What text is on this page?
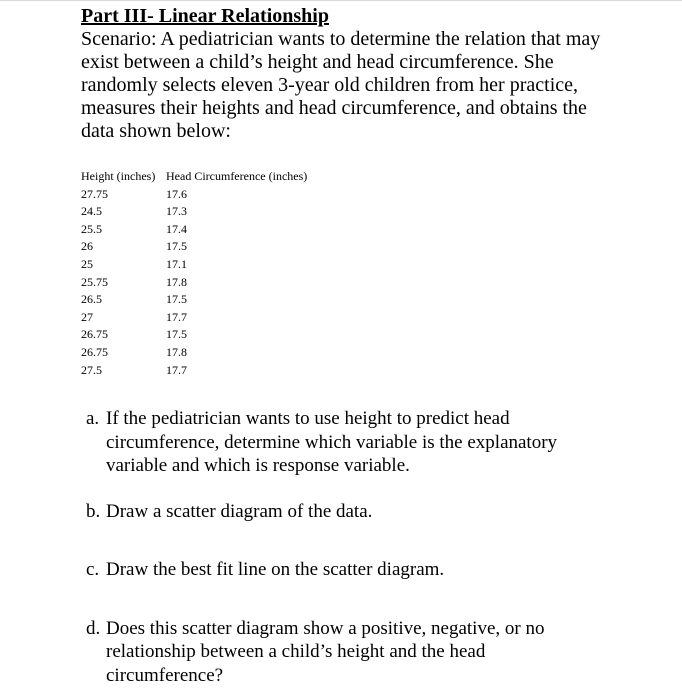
Part III- Linear Relationship

Scenario: A pediatrician wants to determine the relation that may exist between a child’s height and head circumference. She randomly selects eleven 3-year old children from her practice, measures their heights and head circumference, and obtains the data shown below:

Height (inches)	Head Circumference (inches)
27.75	17.6
24.5	17.3
25.5	17.4
26	17.5
25	17.1
25.75	17.8
26.5	17.5
27	17.7
26.75	17.5
26.75	17.8
27.5	17.7
a. If the pediatrician wants to use height to predict head circumference, determine which variable is the explanatory variable and which is response variable.
b. Draw a scatter diagram of the data.
c. Draw the best fit line on the scatter diagram.
d. Does this scatter diagram show a positive, negative, or no relationship between a child’s height and the head circumference?
